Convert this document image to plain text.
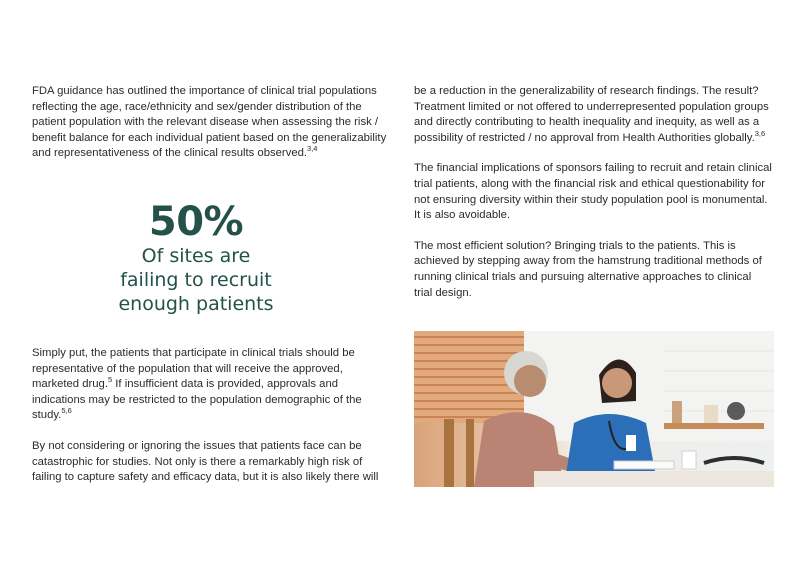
FDA guidance has outlined the importance of clinical trial populations reflecting the age, race/ethnicity and sex/gender distribution of the patient population with the relevant disease when assessing the risk / benefit balance for each individual patient based on the generalizability and representativeness of the clinical results observed.$^{3,4}$

50%
Of sites are
failing to recruit
enough patients

Simply put, the patients that participate in clinical trials should be representative of the population that will receive the approved, marketed drug.$^5$ If insufficient data is provided, approvals and indications may be restricted to the population demographic of the study.$^{5,6}$

By not considering or ignoring the issues that patients face can be catastrophic for studies. Not only is there a remarkably high risk of failing to capture safety and efficacy data, but it is also likely there will

be a reduction in the generalizability of research findings. The result? Treatment limited or not offered to underrepresented population groups and directly contributing to health inequality and inequity, as well as a possibility of restricted / no approval from Health Authorities globally.$^{3,6}$

The financial implications of sponsors failing to recruit and retain clinical trial patients, along with the financial risk and ethical questionability for not ensuring diversity within their study population pool is monumental. It is also avoidable.

The most efficient solution? Bringing trials to the patients. This is achieved by stepping away from the hamstrung traditional methods of running clinical trials and pursuing alternative approaches to clinical trial design.
